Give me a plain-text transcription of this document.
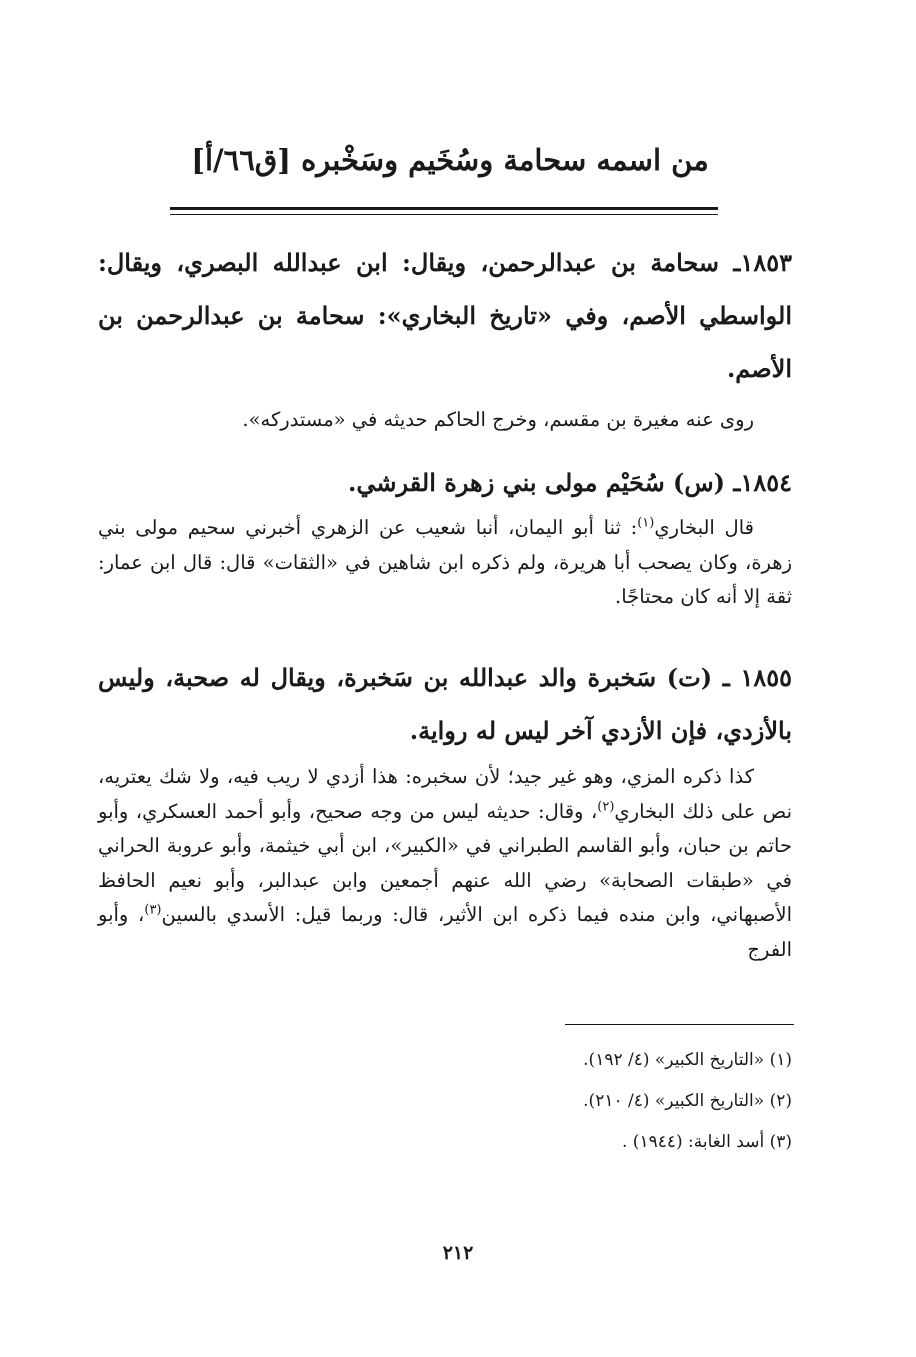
من اسمه سحامة وسُخَيم وسَخْبره [ق٦٦/أ]

١٨٥٣ـ سحامة بن عبدالرحمن، ويقال: ابن عبدالله البصري، ويقال: الواسطي الأصم، وفي «تاريخ البخاري»: سحامة بن عبدالرحمن بن الأصم.

روى عنه مغيرة بن مقسم، وخرج الحاكم حديثه في «مستدركه».

١٨٥٤ـ (س) سُحَيْم مولى بني زهرة القرشي.

قال البخاري$^{(١)}$: ثنا أبو اليمان، أنبا شعيب عن الزهري أخبرني سحيم مولى بني زهرة، وكان يصحب أبا هريرة، ولم ذكره ابن شاهين في «الثقات» قال: قال ابن عمار: ثقة إلا أنه كان محتاجًا.

١٨٥٥ ـ (ت) سَخبرة والد عبدالله بن سَخبرة، ويقال له صحبة، وليس بالأزدي، فإن الأزدي آخر ليس له رواية.

كذا ذكره المزي، وهو غير جيد؛ لأن سخبره: هذا أزدي لا ريب فيه، ولا شك يعتريه، نص على ذلك البخاري$^{(٢)}$، وقال: حديثه ليس من وجه صحيح، وأبو أحمد العسكري، وأبو حاتم بن حبان، وأبو القاسم الطبراني في «الكبير»، ابن أبي خيثمة، وأبو عروبة الحراني في «طبقات الصحابة» رضي الله عنهم أجمعين وابن عبدالبر، وأبو نعيم الحافظ الأصبهاني، وابن منده فيما ذكره ابن الأثير، قال: وربما قيل: الأسدي بالسين$^{(٣)}$، وأبو الفرج

(١) «التاريخ الكبير» (٤/ ١٩٢).
(٢) «التاريخ الكبير» (٤/ ٢١٠).
(٣) أسد الغابة: (١٩٤٤) .
٢١٢
